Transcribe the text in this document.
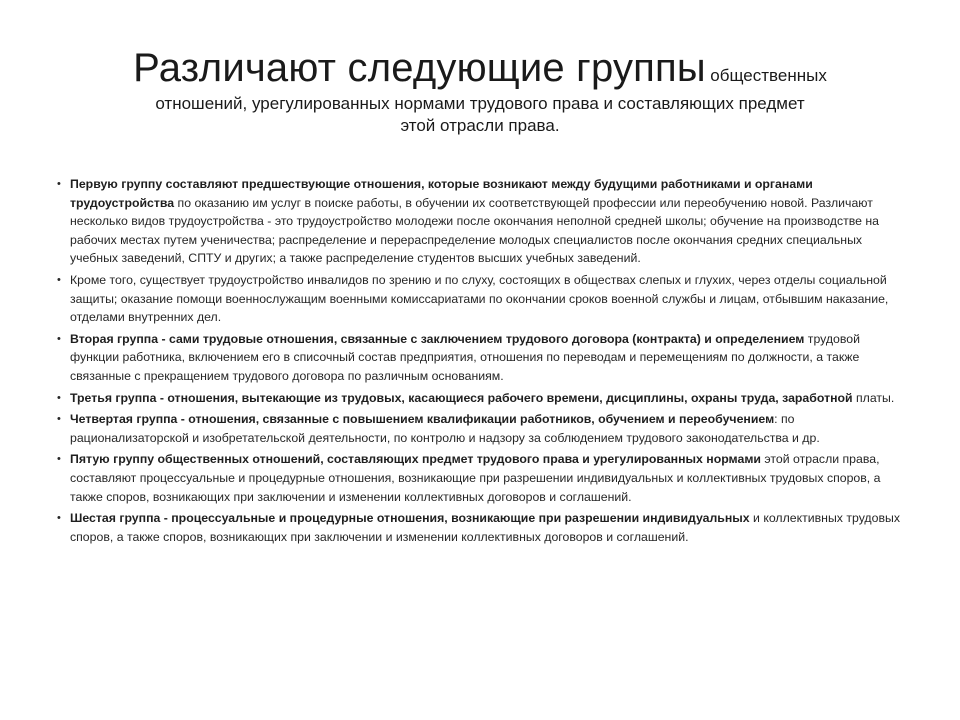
Различают следующие группы общественных
отношений, урегулированных нормами трудового права и составляющих предмет
этой отрасли права.
• Первую группу составляют предшествующие отношения, которые возникают между будущими работниками и органами трудоустройства по оказанию им услуг в поиске работы, в обучении их соответствующей профессии или переобучению новой. Различают несколько видов трудоустройства - это трудоустройство молодежи после окончания неполной средней школы; обучение на производстве на рабочих местах путем ученичества; распределение и перераспределение молодых специалистов после окончания средних специальных учебных заведений, СПТУ и других; а также распределение студентов высших учебных заведений.
• Кроме того, существует трудоустройство инвалидов по зрению и по слуху, состоящих в обществах слепых и глухих, через отделы социальной защиты; оказание помощи военнослужащим военными комиссариатами по окончании сроков военной службы и лицам, отбывшим наказание, отделами внутренних дел.
• Вторая группа - сами трудовые отношения, связанные с заключением трудового договора (контракта) и определением трудовой функции работника, включением его в списочный состав предприятия, отношения по переводам и перемещениям по должности, а также связанные с прекращением трудового договора по различным основаниям.
• Третья группа - отношения, вытекающие из трудовых, касающиеся рабочего времени, дисциплины, охраны труда, заработной платы.
• Четвертая группа - отношения, связанные с повышением квалификации работников, обучением и переобучением: по рационализаторской и изобретательской деятельности, по контролю и надзору за соблюдением трудового законодательства и др.
• Пятую группу общественных отношений, составляющих предмет трудового права и урегулированных нормами этой отрасли права, составляют процессуальные и процедурные отношения, возникающие при разрешении индивидуальных и коллективных трудовых споров, а также споров, возникающих при заключении и изменении коллективных договоров и соглашений.
• Шестая группа - процессуальные и процедурные отношения, возникающие при разрешении индивидуальных и коллективных трудовых споров, а также споров, возникающих при заключении и изменении коллективных договоров и соглашений.
